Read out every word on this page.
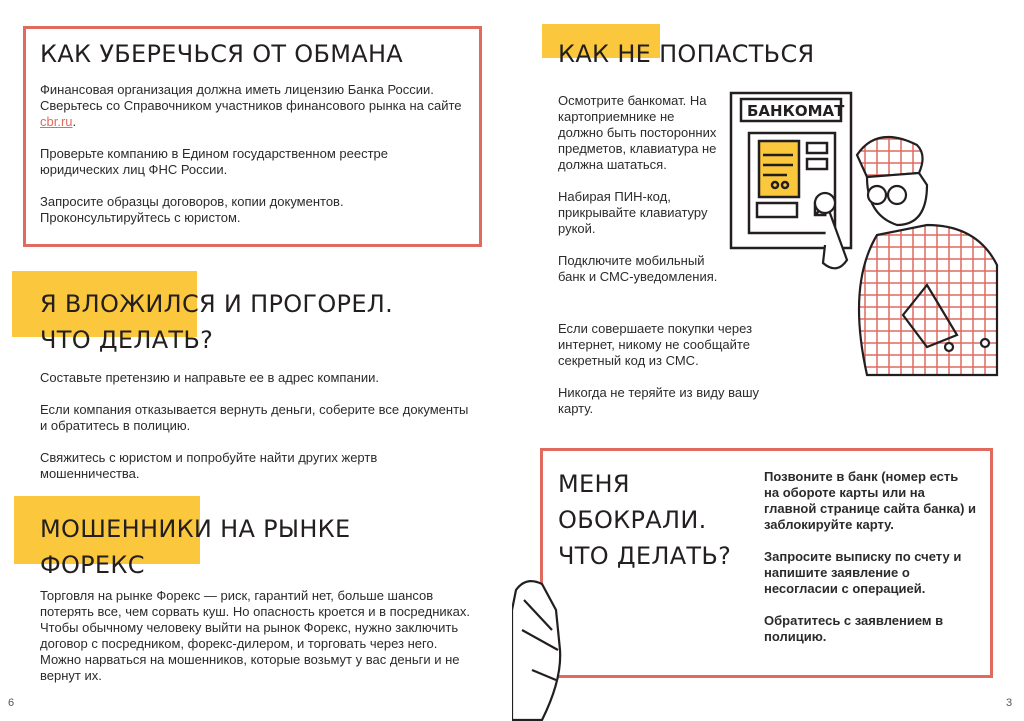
КАК УБЕРЕЧЬСЯ ОТ ОБМАНА

Финансовая организация должна иметь лицензию Банка России. Сверьтесь со Справочником участников финансового рынка на сайте cbr.ru.

Проверьте компанию в Едином государственном реестре юридических лиц ФНС России.

Запросите образцы договоров, копии документов. Проконсультируйтесь с юристом.

Я ВЛОЖИЛСЯ И ПРОГОРЕЛ.
ЧТО ДЕЛАТЬ?

Составьте претензию и направьте ее в адрес компании.

Если компания отказывается вернуть деньги, соберите все документы и обратитесь в полицию.

Свяжитесь с юристом и попробуйте найти других жертв мошенничества.

МОШЕННИКИ НА РЫНКЕ
ФОРЕКС

Торговля на рынке Форекс — риск, гарантий нет, больше шансов потерять все, чем сорвать куш. Но опасность кроется и в посредниках. Чтобы обычному человеку выйти на рынок Форекс, нужно заключить договор с посредником, форекс-дилером, и торговать через него. Можно нарваться на мошенников, которые возьмут у вас деньги и не вернут их.

6
КАК НЕ ПОПАСТЬСЯ

Осмотрите банкомат. На картоприемнике не должно быть посторонних предметов, клавиатура не должна шататься.

Набирая ПИН-код, прикрывайте клавиатуру рукой.

Подключите мобильный банк и СМС-уведомления.

Если совершаете покупки через интернет, никому не сообщайте секретный код из СМС.

Никогда не теряйте из виду вашу карту.

БАНКОМАТ
МЕНЯ
ОБОКРАЛИ.
ЧТО ДЕЛАТЬ?

Позвоните в банк (номер есть на обороте карты или на главной странице сайта банка) и заблокируйте карту.

Запросите выписку по счету и напишите заявление о несогласии с операцией.

Обратитесь с заявлением в полицию.

3
